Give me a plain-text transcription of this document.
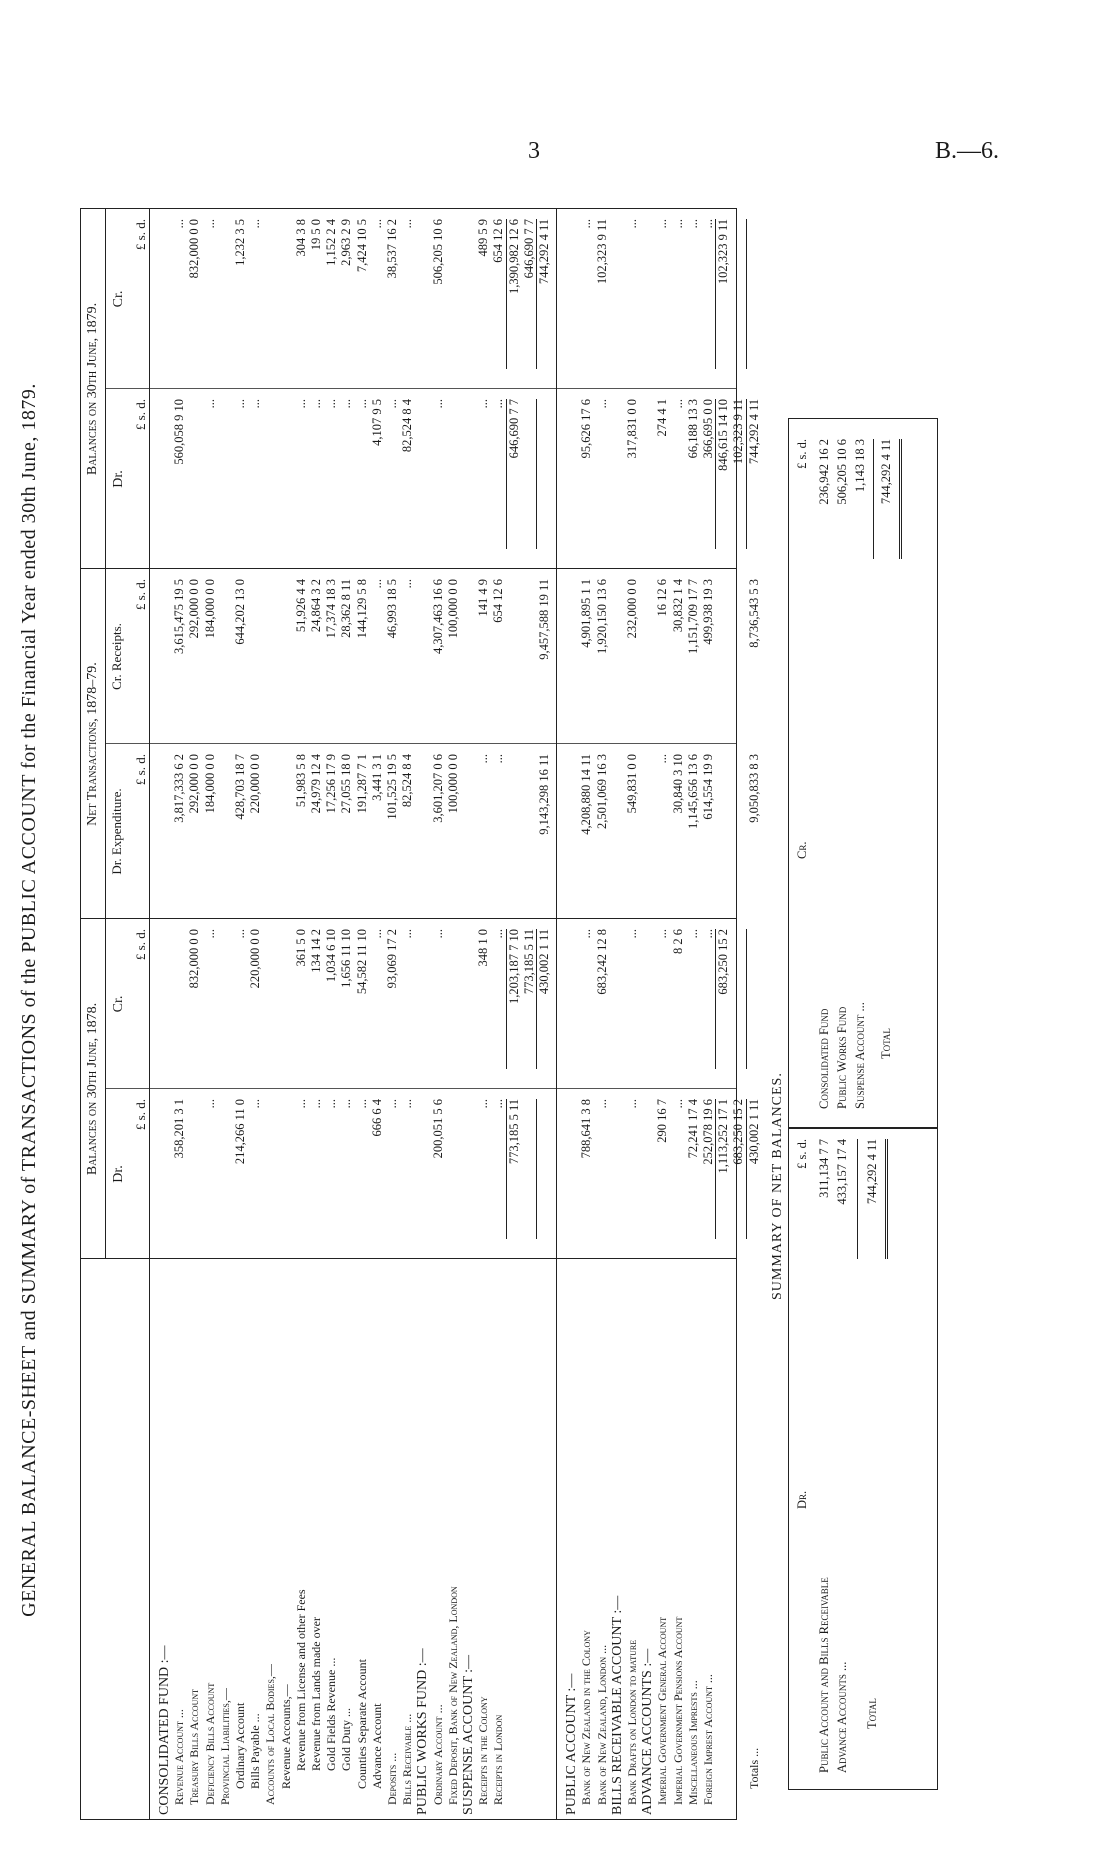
3	B.—6.
GENERAL BALANCE-SHEET and SUMMARY of TRANSACTIONS of the PUBLIC ACCOUNT for the Financial Year ended 30th June, 1879.	Balances on 30th June, 1878.
Net Transactions, 1878–79.
Balances on 30th June, 1879.
Dr.
Cr.
Dr. Expenditure.
Cr. Receipts.
Dr.
Cr.
£ s. d.
£ s. d.
£ s. d.
£ s. d.
£ s. d.
£ s. d.
CONSOLIDATED FUND :— Revenue Account ...
358,201 3 1
3,817,333 6 2
3,615,475 19 5
560,058 9 10
...
Treasury Bills Account
832,000 0 0
292,000 0 0
292,000 0 0
832,000 0 0
Deficiency Bills Account
...
...
184,000 0 0
184,000 0 0
...
...
Provincial Liabilities,— Ordinary Account
214,266 11 0
...
428,703 18 7
644,202 13 0
...
1,232 3 5
Bills Payable ...
...
220,000 0 0
220,000 0 0
...
...
Accounts of Local Bodies,— Revenue Accounts,— Revenue from License and other Fees
...
361 5 0
51,983 5 8
51,926 4 4
...
304 3 8
Revenue from Lands made over
...
134 14 2
24,979 12 4
24,864 3 2
...
19 5 0
Gold Fields Revenue ...
...
1,034 6 10
17,256 17 9
17,374 18 3
...
1,152 2 4
Gold Duty ...
...
1,656 11 10
27,055 18 0
28,362 8 11
...
2,963 2 9
Counties Separate Account
...
54,582 11 10
191,287 7 1
144,129 5 8
...
7,424 10 5
Advance Account
666 6 4
...
3,441 3 1
...
4,107 9 5
...
Deposits ...
...
93,069 17 2
101,525 19 5
46,993 18 5
...
38,537 16 2
Bills Receivable ...
...
...
82,524 8 4
...
82,524 8 4
...
PUBLIC WORKS FUND :— Ordinary Account ...
200,051 5 6
...
3,601,207 0 6
4,307,463 16 6
...
506,205 10 6
Fixed Deposit, Bank of New Zealand, London
100,000 0 0
100,000 0 0
SUSPENSE ACCOUNT :— Receipts in the Colony
...
348 1 0
...
141 4 9
...
489 5 9
Receipts in London
...
...
...
654 12 6
...
654 12 6
773,185 5 11
1,203,187 7 10
646,690 7 7
1,390,982 12 6
773,185 5 11
646,690 7 7
430,002 1 11
9,143,298 16 11
9,457,588 19 11
744,292 4 11
PUBLIC ACCOUNT :— Bank of New Zealand in the Colony
788,641 3 8
...
4,208,880 14 11
4,901,895 1 1
95,626 17 6
...
Bank of New Zealand, London ...
...
683,242 12 8
2,501,069 16 3
1,920,150 13 6
...
102,323 9 11
BILLS RECEIVABLE ACCOUNT :— Bank Drafts on London to mature
...
...
549,831 0 0
232,000 0 0
317,831 0 0
...
ADVANCE ACCOUNTS :— Imperial Government General Account
290 16 7
...
...
16 12 6
274 4 1
...
Imperial Government Pensions Account
...
8 2 6
30,840 3 10
30,832 1 4
...
...
Miscellaneous Imprests ...
72,241 17 4
...
1,145,656 13 6
1,151,709 17 7
66,188 13 3
...
Foreign Imprest Account ...
252,078 19 6
...
614,554 19 9
499,938 19 3
366,695 0 0
...
1,113,252 17 1
683,250 15 2
846,615 14 10
102,323 9 11
683,250 15 2
102,323 9 11
Totals ...
430,002 1 11
9,050,833 8 3
8,736,543 5 3
744,292 4 11
SUMMARY OF NET BALANCES.
Dr.
Cr.
£ s. d.
£ s. d.
Public Account and Bills Receivable
311,134 7 7
Advance Accounts ...
433,157 17 4
Total
744,292 4 11
Consolidated Fund
236,942 16 2
Public Works Fund
506,205 10 6
Suspense Account ...
1,143 18 3
Total
744,292 4 11
